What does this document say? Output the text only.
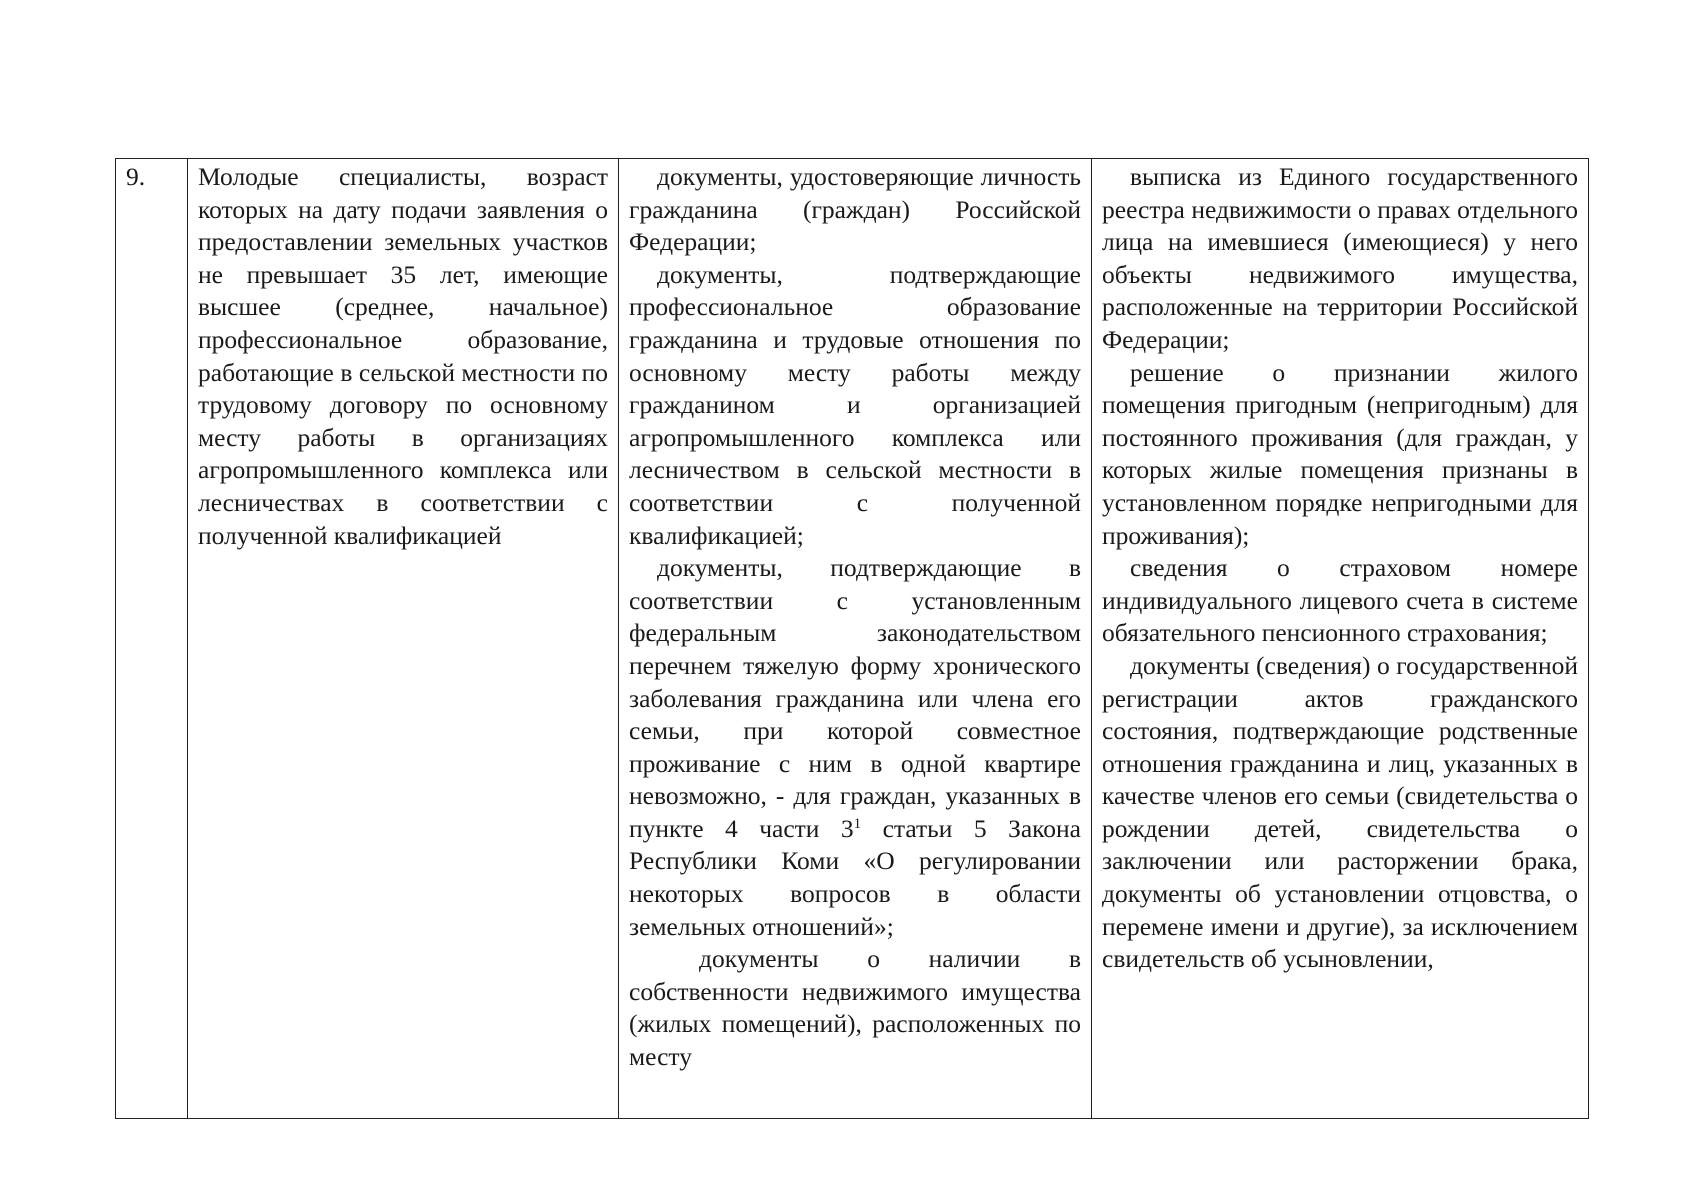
9.	Молодые специалисты, возраст которых на дату подачи заявления о предоставлении земельных участков не превышает 35 лет, имеющие высшее (среднее, начальное) профессиональное образование, работающие в сельской местности по трудовому договору по основному месту работы в организациях агропромышленного комплекса или лесничествах в соответствии с полученной квалификацией

документы, удостоверяющие личность гражданина (граждан) Российской Федерации;

документы, подтверждающие профессиональное образование гражданина и трудовые отношения по основному месту работы между гражданином и организацией агропромышленного комплекса или лесничеством в сельской местности в соответствии с полученной квалификацией;

документы, подтверждающие в соответствии с установленным федеральным законодательством перечнем тяжелую форму хронического заболевания гражданина или члена его семьи, при которой совместное проживание с ним в одной квартире невозможно, - для граждан, указанных в пункте 4 части $3^1$ статьи 5 Закона Республики Коми «О регулировании некоторых вопросов в области земельных отношений»;

документы о наличии в собственности недвижимого имущества (жилых помещений), расположенных по месту

выписка из Единого государственного реестра недвижимости о правах отдельного лица на имевшиеся (имеющиеся) у него объекты недвижимого имущества, расположенные на территории Российской Федерации;

решение о признании жилого помещения пригодным (непригодным) для постоянного проживания (для граждан, у которых жилые помещения признаны в установленном порядке непригодными для проживания);

сведения о страховом номере индивидуального лицевого счета в системе обязательного пенсионного страхования;

документы (сведения) о государственной регистрации актов гражданского состояния, подтверждающие родственные отношения гражданина и лиц, указанных в качестве членов его семьи (свидетельства о рождении детей, свидетельства о заключении или расторжении брака, документы об установлении отцовства, о перемене имени и другие), за исключением свидетельств об усыновлении,
